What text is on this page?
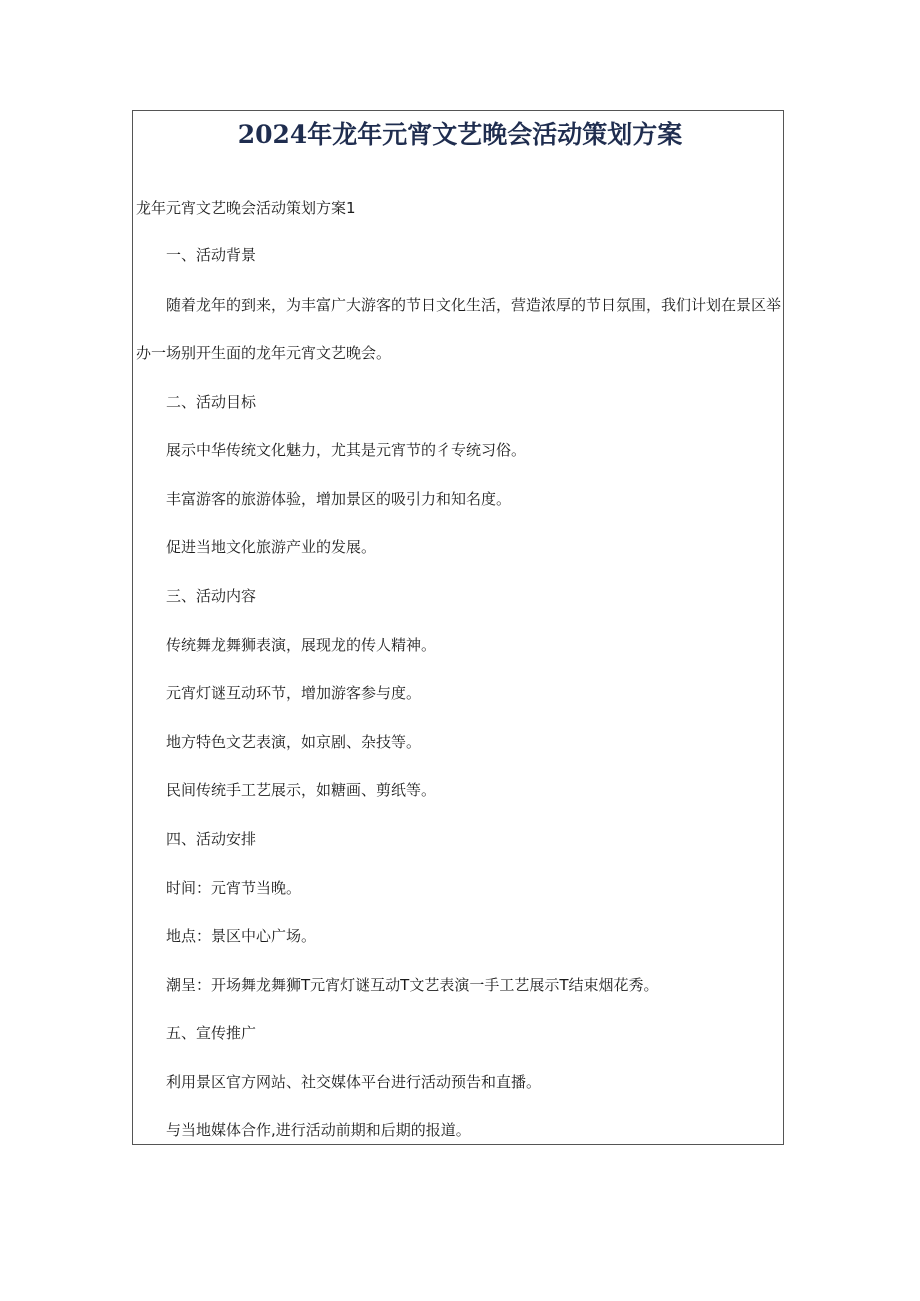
2024年龙年元宵文艺晚会活动策划方案
龙年元宵文艺晚会活动策划方案1
一、活动背景
随着龙年的到来，为丰富广大游客的节日文化生活，营造浓厚的节日氛围，我们计划在景区举
办一场别开生面的龙年元宵文艺晚会。
二、活动目标
展示中华传统文化魅力，尤其是元宵节的彳专统习俗。
丰富游客的旅游体验，增加景区的吸引力和知名度。
促进当地文化旅游产业的发展。
三、活动内容
传统舞龙舞狮表演，展现龙的传人精神。
元宵灯谜互动环节，增加游客参与度。
地方特色文艺表演，如京剧、杂技等。
民间传统手工艺展示，如糖画、剪纸等。
四、活动安排
时间：元宵节当晚。
地点：景区中心广场。
潮呈：开场舞龙舞狮T元宵灯谜互动T文艺表演一手工艺展示T结束烟花秀。
五、宣传推广
利用景区官方网站、社交媒体平台进行活动预告和直播。
与当地媒体合作,进行活动前期和后期的报道。
